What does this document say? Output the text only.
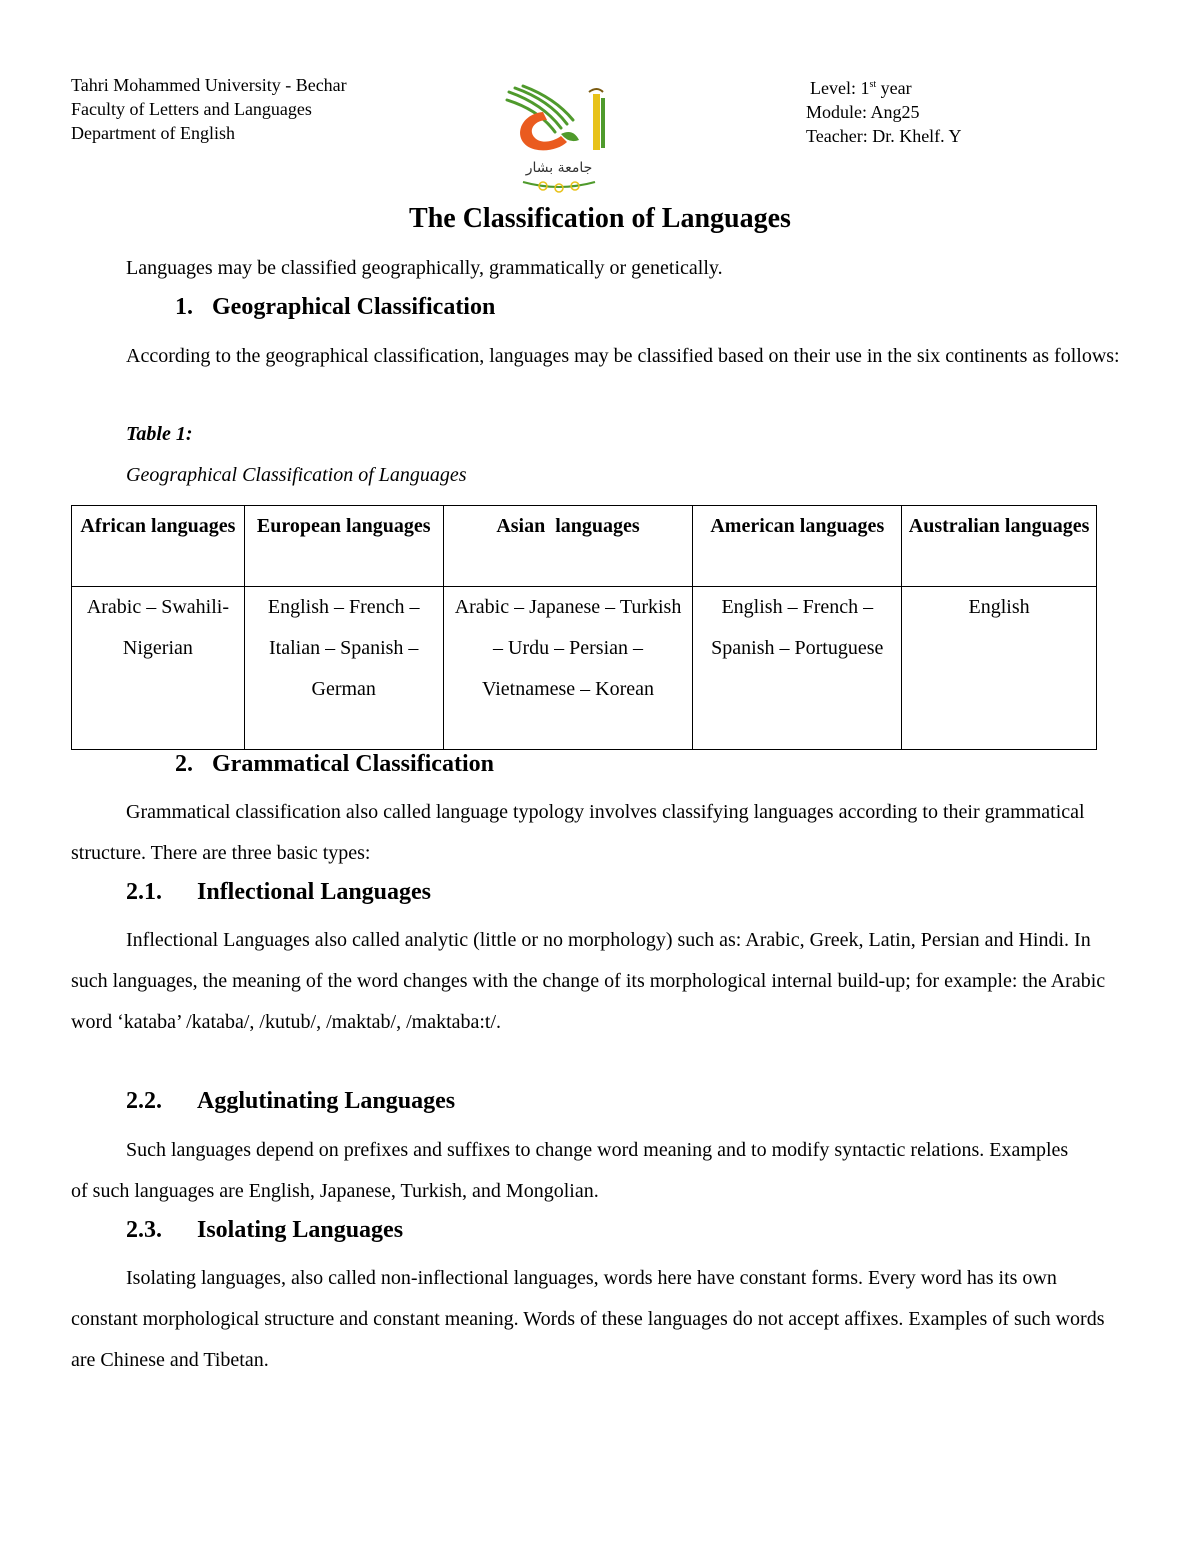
Tahri Mohammed University - Bechar
Faculty of Letters and Languages
Department of English
جامعة بشار
Level: 1st year
Module: Ang25
Teacher: Dr. Khelf. Y
The Classification of Languages
Languages may be classified geographically, grammatically or genetically.
1. Geographical Classification
According to the geographical classification, languages may be classified based on their use in the six continents as follows:
Table 1:
Geographical Classification of Languages
African languages	European languages	Asian  languages	American languages	Australian languages
Arabic – Swahili-Nigerian	English – French – Italian – Spanish – German	Arabic – Japanese – Turkish – Urdu – Persian – Vietnamese – Korean	English – French – Spanish – Portuguese	English
2. Grammatical Classification
Grammatical classification also called language typology involves classifying languages according to their grammatical structure. There are three basic types:
2.1. Inflectional Languages
Inflectional Languages also called analytic (little or no morphology) such as: Arabic, Greek, Latin, Persian and Hindi. In such languages, the meaning of the word changes with the change of its morphological internal build-up; for example: the Arabic word ‘kataba’ /kataba/, /kutub/, /maktab/, /maktaba:t/.
2.2. Agglutinating Languages
Such languages depend on prefixes and suffixes to change word meaning and to modify syntactic relations. Examples of such languages are English, Japanese, Turkish, and Mongolian.
2.3. Isolating Languages
Isolating languages, also called non-inflectional languages, words here have constant forms. Every word has its own constant morphological structure and constant meaning. Words of these languages do not accept affixes. Examples of such words are Chinese and Tibetan.
